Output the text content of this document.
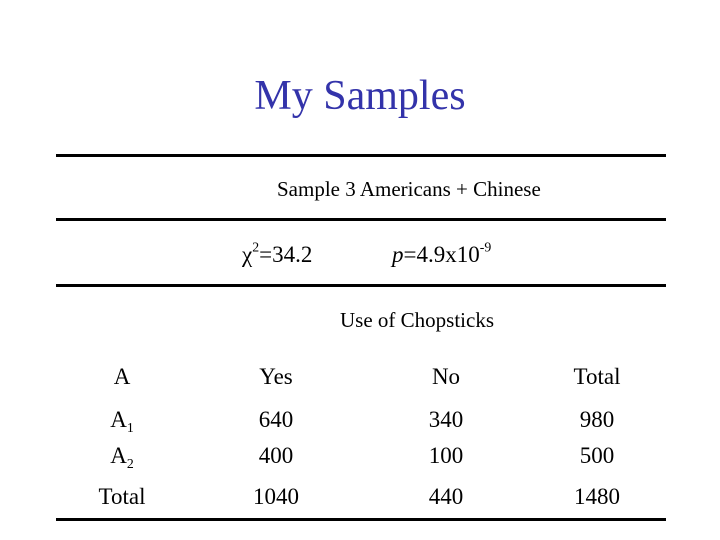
My Samples
Sample 3 Americans + Chinese
$\chi^2=34.2$	$p=4.9x10^{-9}$
Use of Chopsticks
A	Yes	No	Total
$A_1$	640	340	980
$A_2$	400	100	500
Total	1040	440	1480
